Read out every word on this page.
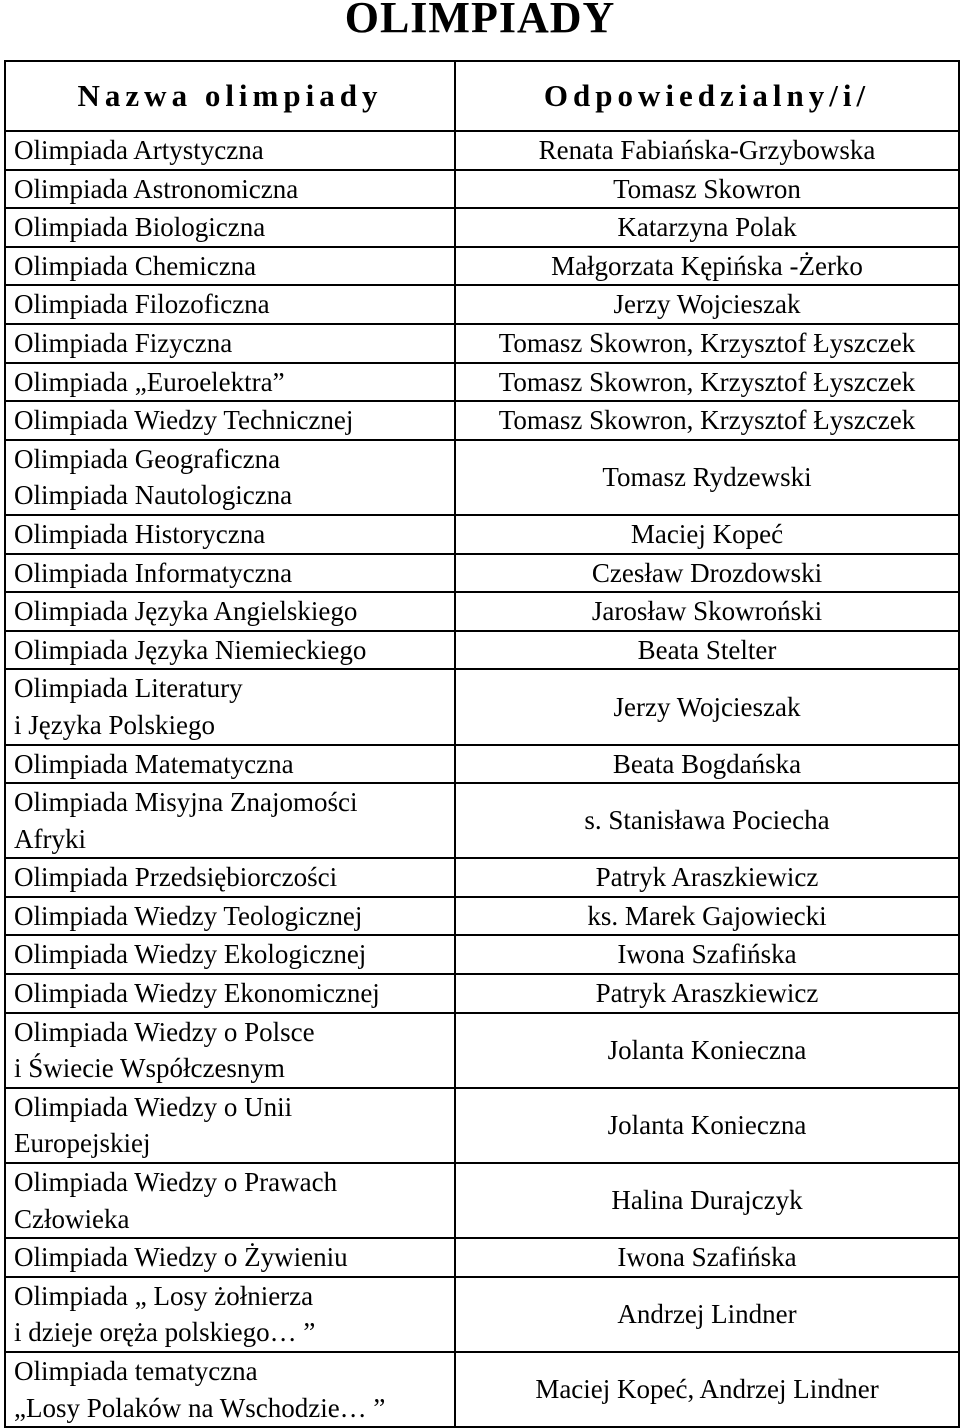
OLIMPIADY
Nazwa olimpiady	Odpowiedzialny/i/

Olimpiada Artystyczna	Renata Fabiańska-Grzybowska

Olimpiada Astronomiczna	Tomasz Skowron

Olimpiada Biologiczna	Katarzyna Polak

Olimpiada Chemiczna	Małgorzata Kępińska -Żerko

Olimpiada Filozoficzna	Jerzy Wojcieszak

Olimpiada Fizyczna	Tomasz Skowron, Krzysztof Łyszczek

Olimpiada „Euroelektra”	Tomasz Skowron, Krzysztof Łyszczek

Olimpiada Wiedzy Technicznej	Tomasz Skowron, Krzysztof Łyszczek

Olimpiada Geograficzna
Olimpiada Nautologiczna	Tomasz Rydzewski

Olimpiada Historyczna	Maciej Kopeć

Olimpiada Informatyczna	Czesław Drozdowski

Olimpiada Języka Angielskiego	Jarosław Skowroński

Olimpiada Języka Niemieckiego	Beata Stelter

Olimpiada Literatury
i Języka Polskiego	Jerzy Wojcieszak

Olimpiada Matematyczna	Beata Bogdańska

Olimpiada Misyjna Znajomości
Afryki	s. Stanisława Pociecha

Olimpiada Przedsiębiorczości	Patryk Araszkiewicz

Olimpiada Wiedzy Teologicznej	ks. Marek Gajowiecki

Olimpiada Wiedzy Ekologicznej	Iwona Szafińska

Olimpiada Wiedzy Ekonomicznej	Patryk Araszkiewicz

Olimpiada Wiedzy o Polsce
i Świecie Współczesnym	Jolanta Konieczna

Olimpiada Wiedzy o Unii
Europejskiej	Jolanta Konieczna

Olimpiada Wiedzy o Prawach
Człowieka	Halina Durajczyk

Olimpiada Wiedzy o Żywieniu	Iwona Szafińska

Olimpiada „ Losy żołnierza
i dzieje oręża polskiego… ”	Andrzej Lindner

Olimpiada tematyczna
„Losy Polaków na Wschodzie… ”	Maciej Kopeć, Andrzej Lindner
